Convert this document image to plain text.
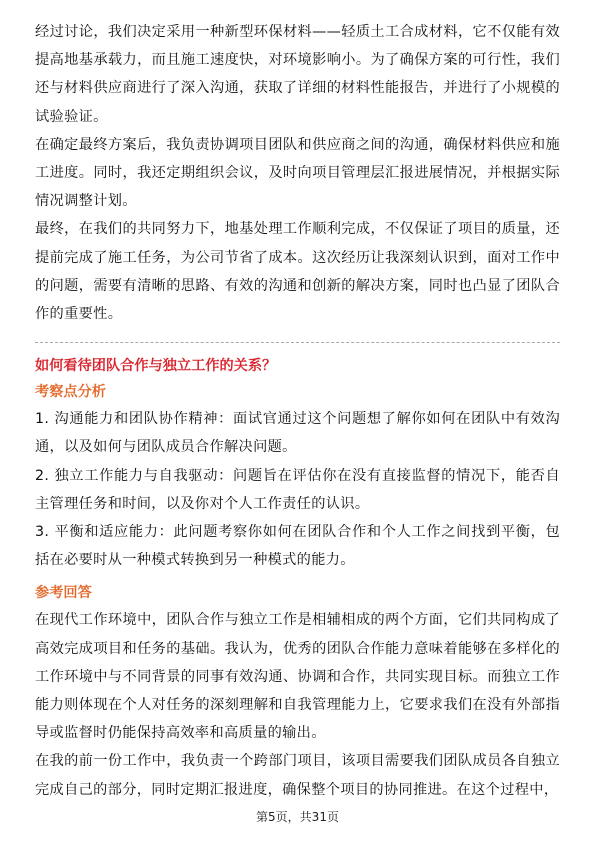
经过讨论，我们决定采用一种新型环保材料——轻质土工合成材料，它不仅能有效提高地基承载力，而且施工速度快，对环境影响小。为了确保方案的可行性，我们还与材料供应商进行了深入沟通，获取了详细的材料性能报告，并进行了小规模的试验验证。

在确定最终方案后，我负责协调项目团队和供应商之间的沟通，确保材料供应和施工进度。同时，我还定期组织会议，及时向项目管理层汇报进展情况，并根据实际情况调整计划。

最终，在我们的共同努力下，地基处理工作顺利完成，不仅保证了项目的质量，还提前完成了施工任务，为公司节省了成本。这次经历让我深刻认识到，面对工作中的问题，需要有清晰的思路、有效的沟通和创新的解决方案，同时也凸显了团队合作的重要性。

如何看待团队合作与独立工作的关系？

考察点分析

1. 沟通能力和团队协作精神：面试官通过这个问题想了解你如何在团队中有效沟通，以及如何与团队成员合作解决问题。

2. 独立工作能力与自我驱动：问题旨在评估你在没有直接监督的情况下，能否自主管理任务和时间，以及你对个人工作责任的认识。

3. 平衡和适应能力：此问题考察你如何在团队合作和个人工作之间找到平衡，包括在必要时从一种模式转换到另一种模式的能力。

参考回答

在现代工作环境中，团队合作与独立工作是相辅相成的两个方面，它们共同构成了高效完成项目和任务的基础。我认为，优秀的团队合作能力意味着能够在多样化的工作环境中与不同背景的同事有效沟通、协调和合作，共同实现目标。而独立工作能力则体现在个人对任务的深刻理解和自我管理能力上，它要求我们在没有外部指导或监督时仍能保持高效率和高质量的输出。

在我的前一份工作中，我负责一个跨部门项目，该项目需要我们团队成员各自独立完成自己的部分，同时定期汇报进度，确保整个项目的协同推进。在这个过程中，

第5页，共31页
